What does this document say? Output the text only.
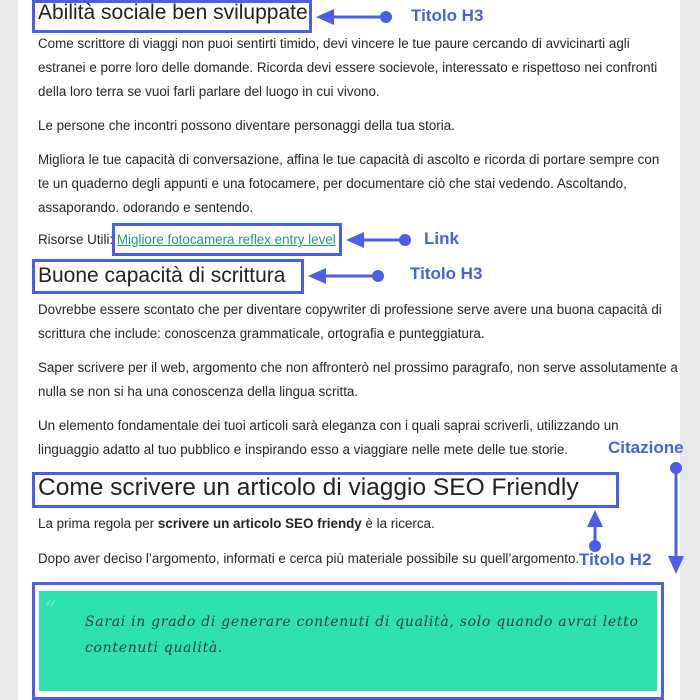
Abilità sociale ben sviluppate

Come scrittore di viaggi non puoi sentirti timido, devi vincere le tue paure cercando di avvicinarti agli

estranei e porre loro delle domande. Ricorda devi essere socievole, interessato e rispettoso nei confronti

della loro terra se vuoi farli parlare del luogo in cui vivono.

Le persone che incontri possono diventare personaggi della tua storia.

Migliora le tue capacità di conversazione, affina le tue capacità di ascolto e ricorda di portare sempre con

te un quaderno degli appunti e una fotocamere, per documentare ciò che stai vedendo. Ascoltando,

assaporando. odorando e sentendo.

Risorse Utili: Migliore fotocamera reflex entry level

Buone capacità di scrittura

Dovrebbe essere scontato che per diventare copywriter di professione serve avere una buona capacità di

scrittura che include: conoscenza grammaticale, ortografia e punteggiatura.

Saper scrivere per il web, argomento che non affronterò nel prossimo paragrafo, non serve assolutamente a

nulla se non si ha una conoscenza della lingua scritta.

Un elemento fondamentale dei tuoi articoli sarà eleganza con i quali saprai scriverli, utilizzando un

linguaggio adatto al tuo pubblico e inspirando esso a viaggiare nelle mete delle tue storie.

Come scrivere un articolo di viaggio SEO Friendly

La prima regola per scrivere un articolo SEO friendy è la ricerca.

Dopo aver deciso l’argomento, informati e cerca più materiale possibile su quell’argomento.

“ Sarai in grado di generare contenuti di qualità, solo quando avrai letto
contenuti qualità.
Titolo H3
Link
Titolo H3
Citazione
Titolo H2
